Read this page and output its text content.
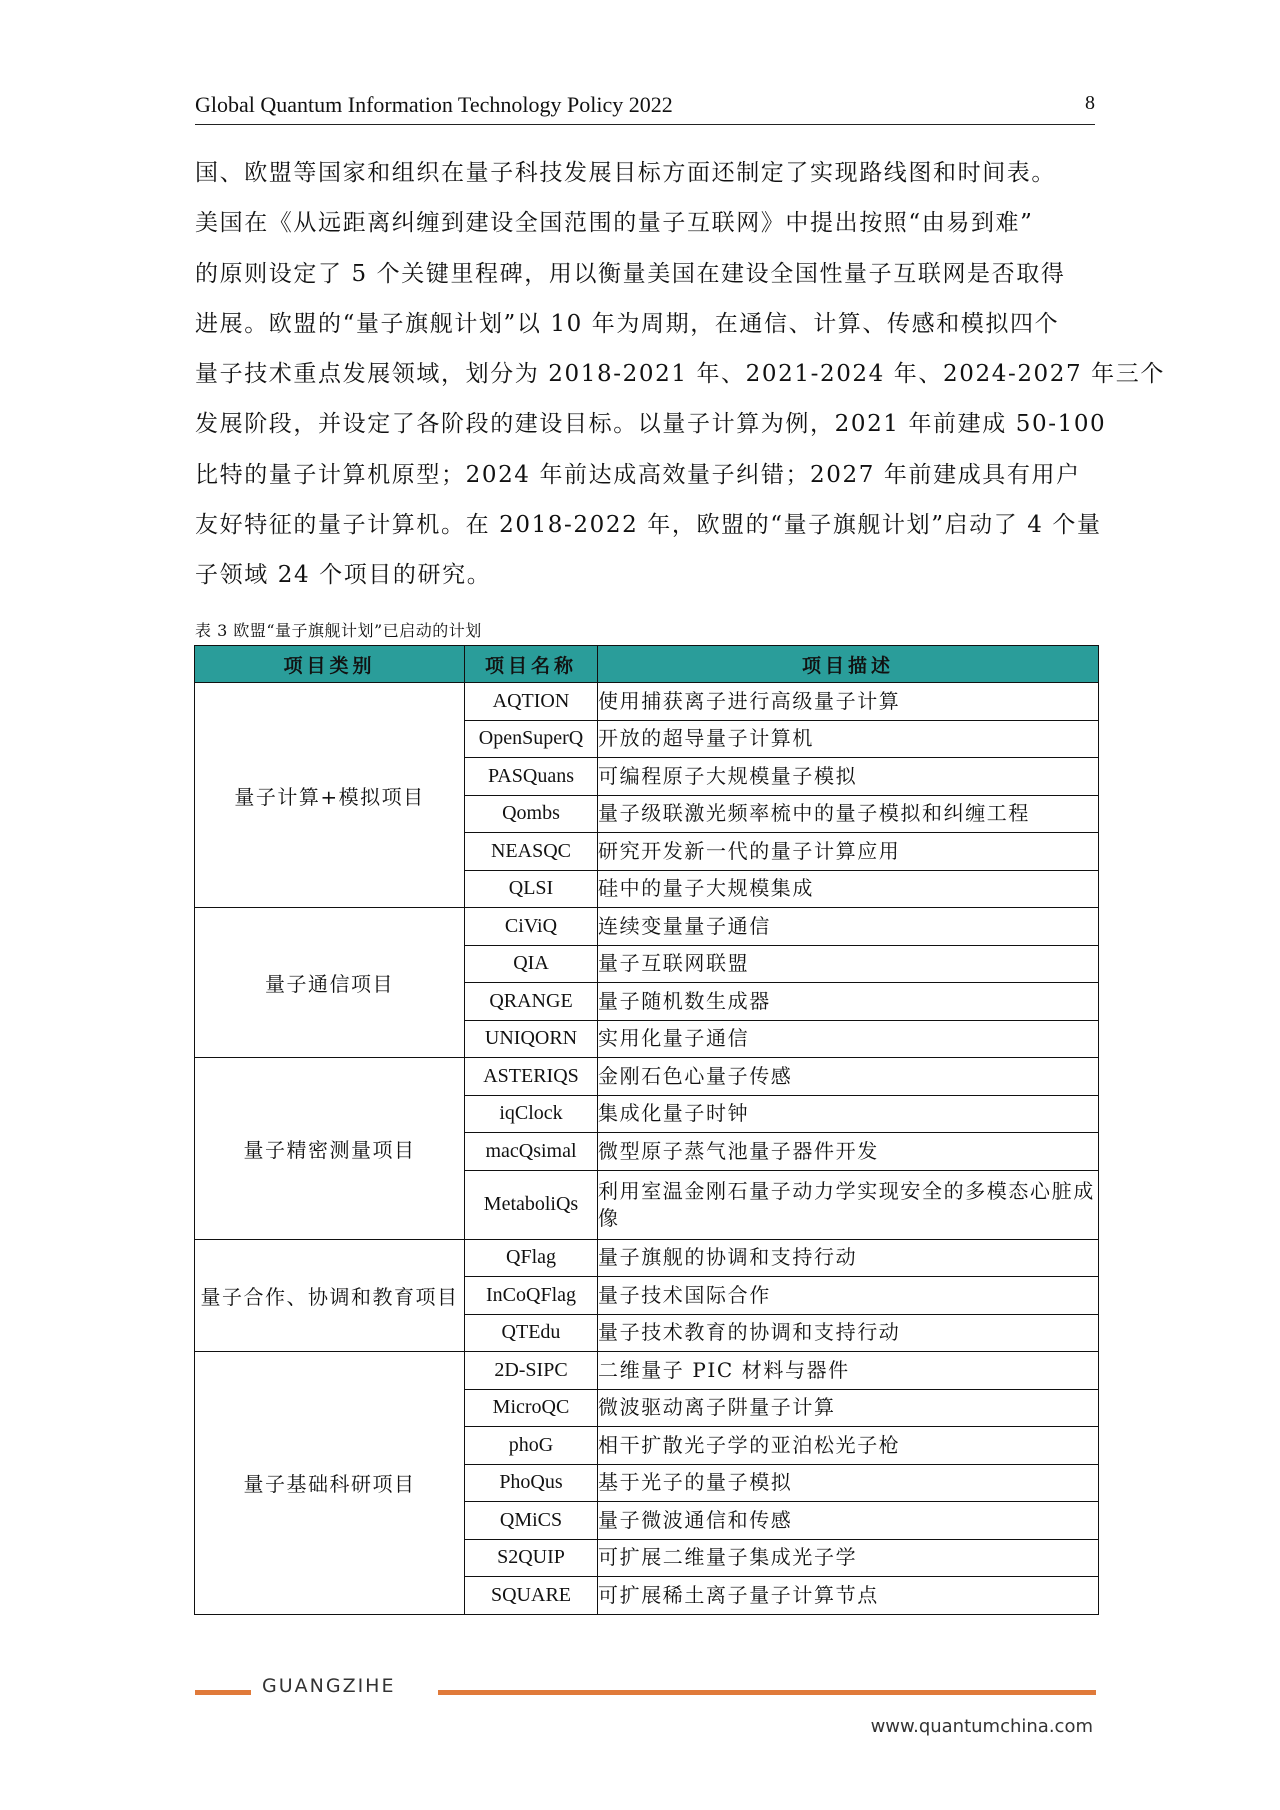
Global Quantum Information Technology Policy 2022	8
国、欧盟等国家和组织在量子科技发展目标方面还制定了实现路线图和时间表。
美国在《从远距离纠缠到建设全国范围的量子互联网》中提出按照“由易到难”
的原则设定了 5 个关键里程碑，用以衡量美国在建设全国性量子互联网是否取得
进展。欧盟的“量子旗舰计划”以 10 年为周期，在通信、计算、传感和模拟四个
量子技术重点发展领域，划分为 2018-2021 年、2021-2024 年、2024-2027 年三个
发展阶段，并设定了各阶段的建设目标。以量子计算为例，2021 年前建成 50-100
比特的量子计算机原型；2024 年前达成高效量子纠错；2027 年前建成具有用户
友好特征的量子计算机。在 2018-2022 年，欧盟的“量子旗舰计划”启动了 4 个量
子领域 24 个项目的研究。
表 3 欧盟“量子旗舰计划”已启动的计划
项目类别	项目名称	项目描述
量子计算+模拟项目	AQTION	使用捕获离子进行高级量子计算
	OpenSuperQ	开放的超导量子计算机
	PASQuans	可编程原子大规模量子模拟
	Qombs	量子级联激光频率梳中的量子模拟和纠缠工程
	NEASQC	研究开发新一代的量子计算应用
	QLSI	硅中的量子大规模集成
量子通信项目	CiViQ	连续变量量子通信
	QIA	量子互联网联盟
	QRANGE	量子随机数生成器
	UNIQORN	实用化量子通信
量子精密测量项目	ASTERIQS	金刚石色心量子传感
	iqClock	集成化量子时钟
	macQsimal	微型原子蒸气池量子器件开发
	MetaboliQs	利用室温金刚石量子动力学实现安全的多模态心脏成像
量子合作、协调和教育项目	QFlag	量子旗舰的协调和支持行动
	InCoQFlag	量子技术国际合作
	QTEdu	量子技术教育的协调和支持行动
量子基础科研项目	2D-SIPC	二维量子 PIC 材料与器件
	MicroQC	微波驱动离子阱量子计算
	phoG	相干扩散光子学的亚泊松光子枪
	PhoQus	基于光子的量子模拟
	QMiCS	量子微波通信和传感
	S2QUIP	可扩展二维量子集成光子学
	SQUARE	可扩展稀土离子量子计算节点
GUANGZIHE
www.quantumchina.com
